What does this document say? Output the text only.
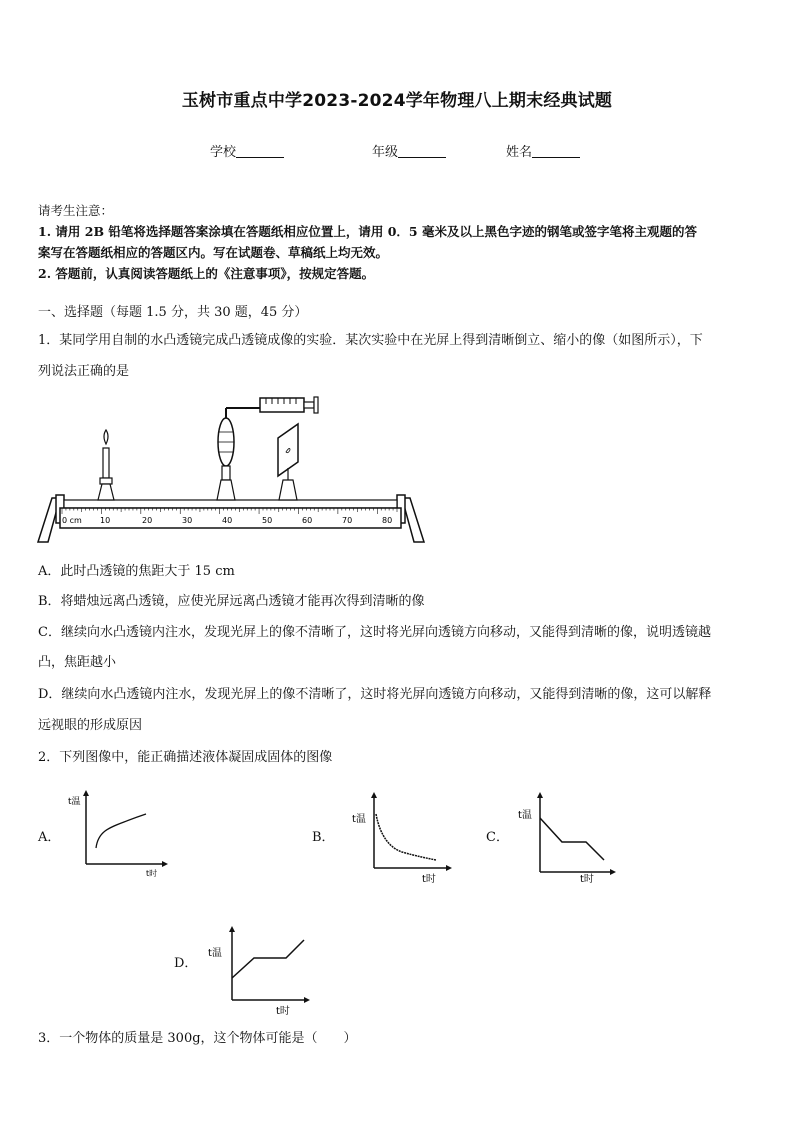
玉树市重点中学2023-2024学年物理八上期末经典试题
学校	年级	姓名
请考生注意：
1. 请用 2B 铅笔将选择题答案涂填在答题纸相应位置上，请用 0．5 毫米及以上黑色字迹的钢笔或签字笔将主观题的答
案写在答题纸相应的答题区内。写在试题卷、草稿纸上均无效。
2. 答题前，认真阅读答题纸上的《注意事项》，按规定答题。
一、选择题（每题 1.5 分，共 30 题，45 分）
1．某同学用自制的水凸透镜完成凸透镜成像的实验．某次实验中在光屏上得到清晰倒立、缩小的像（如图所示），下
列说法正确的是
0 cm 10	20	30	40	50	60	70	80
A．此时凸透镜的焦距大于 15 cm
B．将蜡烛远离凸透镜，应使光屏远离凸透镜才能再次得到清晰的像
C．继续向水凸透镜内注水，发现光屏上的像不清晰了，这时将光屏向透镜方向移动，又能得到清晰的像，说明透镜越
凸，焦距越小
D．继续向水凸透镜内注水，发现光屏上的像不清晰了，这时将光屏向透镜方向移动，又能得到清晰的像，这可以解释
远视眼的形成原因
2．下列图像中，能正确描述液体凝固成固体的图像
A．
t温
t时
B．
t温
t时
C．
t温
t时
D．
t温
t时
3．一个物体的质量是 300g，这个物体可能是（　　）
